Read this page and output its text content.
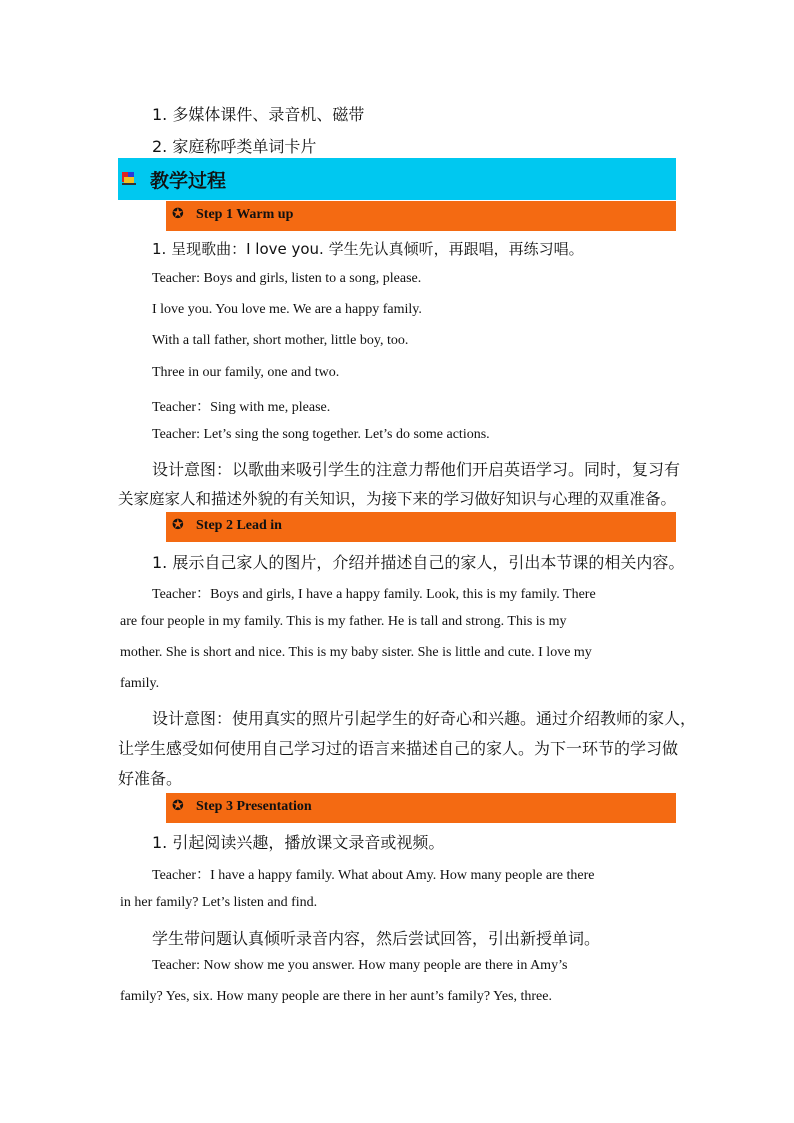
1. 多媒体课件、录音机、磁带
2. 家庭称呼类单词卡片
教学过程
✪ Step 1 Warm up
1. 呈现歌曲：I love you. 学生先认真倾听，再跟唱，再练习唱。
Teacher: Boys and girls, listen to a song, please.
I love you. You love me. We are a happy family.
With a tall father, short mother, little boy, too.
Three in our family, one and two.
Teacher：Sing with me, please.
Teacher: Let’s sing the song together. Let’s do some actions.
设计意图：以歌曲来吸引学生的注意力帮他们开启英语学习。同时，复习有
关家庭家人和描述外貌的有关知识，为接下来的学习做好知识与心理的双重准备。
✪ Step 2 Lead in
1. 展示自己家人的图片，介绍并描述自己的家人，引出本节课的相关内容。
Teacher：Boys and girls, I have a happy family. Look, this is my family. There
are four people in my family. This is my father. He is tall and strong. This is my
mother. She is short and nice. This is my baby sister. She is little and cute. I love my
family.
设计意图：使用真实的照片引起学生的好奇心和兴趣。通过介绍教师的家人，
让学生感受如何使用自己学习过的语言来描述自己的家人。为下一环节的学习做
好准备。
✪ Step 3 Presentation
1. 引起阅读兴趣，播放课文录音或视频。
Teacher：I have a happy family. What about Amy. How many people are there
in her family? Let’s listen and find.
学生带问题认真倾听录音内容，然后尝试回答，引出新授单词。
Teacher: Now show me you answer. How many people are there in Amy’s
family? Yes, six. How many people are there in her aunt’s family? Yes, three.
